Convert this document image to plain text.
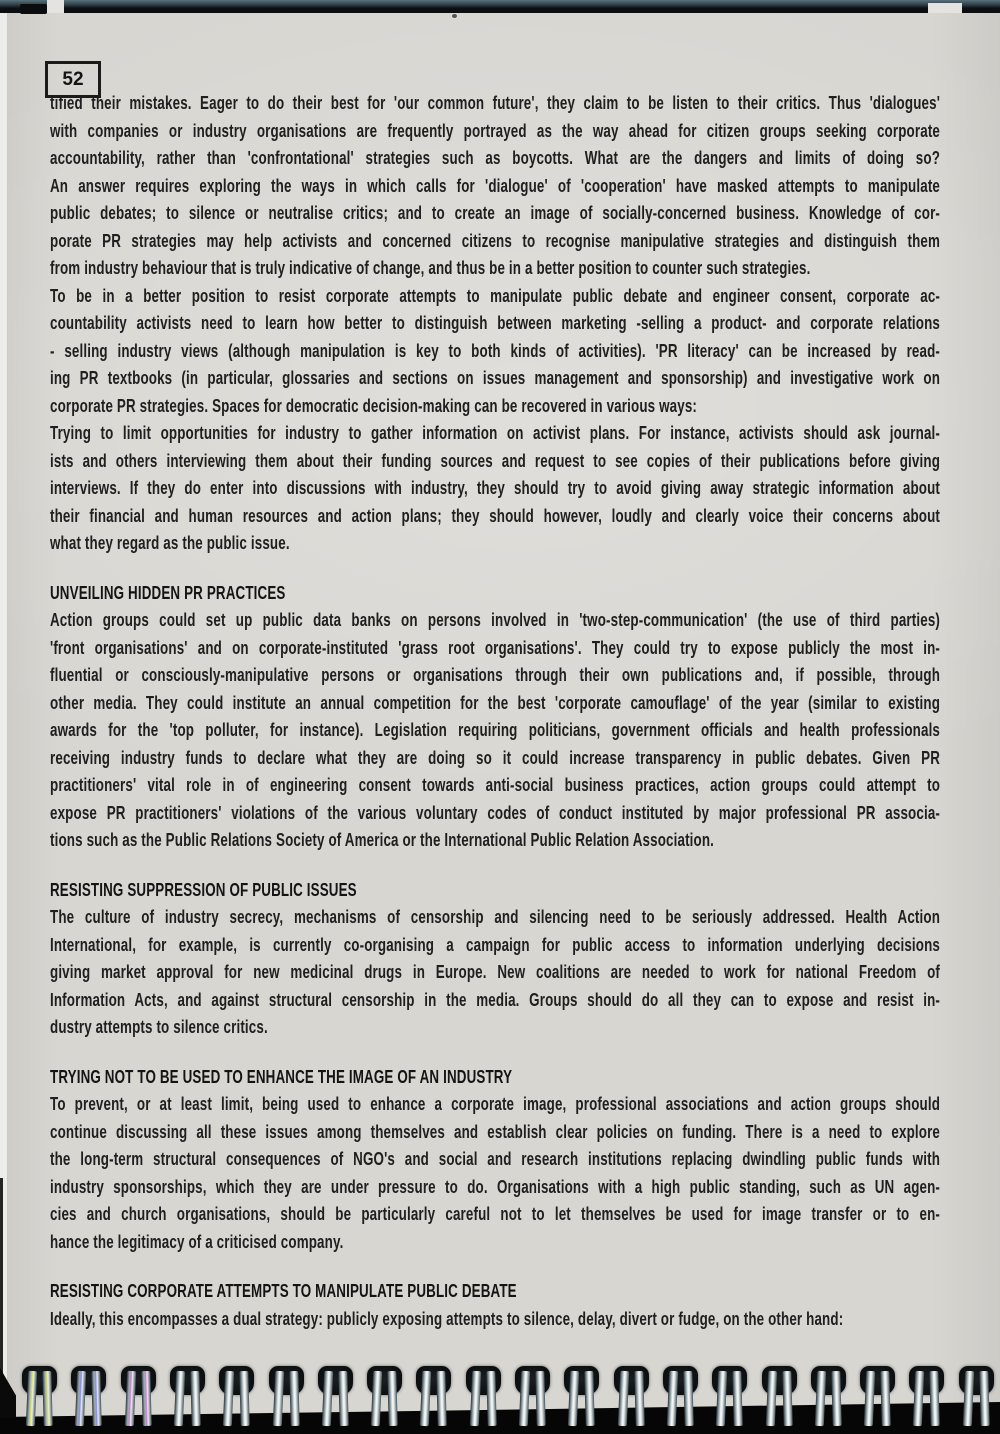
52
tified their mistakes. Eager to do their best for 'our common future', they claim to be listen to their critics. Thus 'dialogues'
with companies or industry organisations are frequently portrayed as the way ahead for citizen groups seeking corporate
accountability, rather than 'confrontational' strategies such as boycotts. What are the dangers and limits of doing so?
An answer requires exploring the ways in which calls for 'dialogue' of 'cooperation' have masked attempts to manipulate
public debates; to silence or neutralise critics; and to create an image of socially-concerned business. Knowledge of cor-
porate PR strategies may help activists and concerned citizens to recognise manipulative strategies and distinguish them
from industry behaviour that is truly indicative of change, and thus be in a better position to counter such strategies.
To be in a better position to resist corporate attempts to manipulate public debate and engineer consent, corporate ac-
countability activists need to learn how better to distinguish between marketing -selling a product- and corporate relations
- selling industry views (although manipulation is key to both kinds of activities). 'PR literacy' can be increased by read-
ing PR textbooks (in particular, glossaries and sections on issues management and sponsorship) and investigative work on
corporate PR strategies. Spaces for democratic decision-making can be recovered in various ways:
Trying to limit opportunities for industry to gather information on activist plans. For instance, activists should ask journal-
ists and others interviewing them about their funding sources and request to see copies of their publications before giving
interviews. If they do enter into discussions with industry, they should try to avoid giving away strategic information about
their financial and human resources and action plans; they should however, loudly and clearly voice their concerns about
what they regard as the public issue.
UNVEILING HIDDEN PR PRACTICES
Action groups could set up public data banks on persons involved in 'two-step-communication' (the use of third parties)
'front organisations' and on corporate-instituted 'grass root organisations'. They could try to expose publicly the most in-
fluential or consciously-manipulative persons or organisations through their own publications and, if possible, through
other media. They could institute an annual competition for the best 'corporate camouflage' of the year (similar to existing
awards for the 'top polluter, for instance). Legislation requiring politicians, government officials and health professionals
receiving industry funds to declare what they are doing so it could increase transparency in public debates. Given PR
practitioners' vital role in of engineering consent towards anti-social business practices, action groups could attempt to
expose PR practitioners' violations of the various voluntary codes of conduct instituted by major professional PR associa-
tions such as the Public Relations Society of America or the International Public Relation Association.
RESISTING SUPPRESSION OF PUBLIC ISSUES
The culture of industry secrecy, mechanisms of censorship and silencing need to be seriously addressed. Health Action
International, for example, is currently co-organising a campaign for public access to information underlying decisions
giving market approval for new medicinal drugs in Europe. New coalitions are needed to work for national Freedom of
Information Acts, and against structural censorship in the media. Groups should do all they can to expose and resist in-
dustry attempts to silence critics.
TRYING NOT TO BE USED TO ENHANCE THE IMAGE OF AN INDUSTRY
To prevent, or at least limit, being used to enhance a corporate image, professional associations and action groups should
continue discussing all these issues among themselves and establish clear policies on funding. There is a need to explore
the long-term structural consequences of NGO's and social and research institutions replacing dwindling public funds with
industry sponsorships, which they are under pressure to do. Organisations with a high public standing, such as UN agen-
cies and church organisations, should be particularly careful not to let themselves be used for image transfer or to en-
hance the legitimacy of a criticised company.
RESISTING CORPORATE ATTEMPTS TO MANIPULATE PUBLIC DEBATE
Ideally, this encompasses a dual strategy: publicly exposing attempts to silence, delay, divert or fudge, on the other hand:
